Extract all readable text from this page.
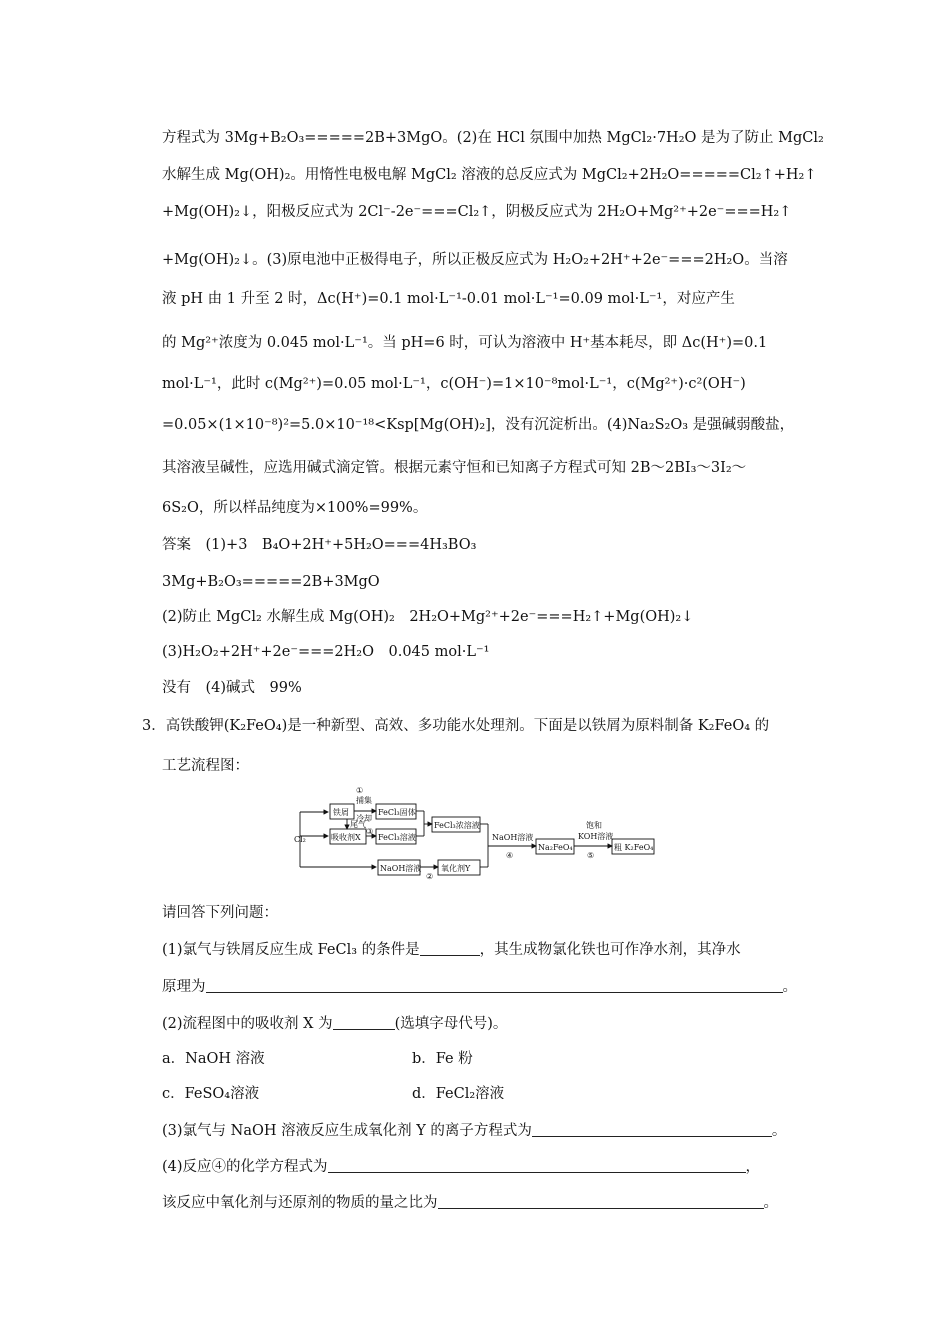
方程式为 3Mg+B₂O₃=====2B+3MgO。(2)在 HCl 氛围中加热 MgCl₂·7H₂O 是为了防止 MgCl₂
水解生成 Mg(OH)₂。用惰性电极电解 MgCl₂ 溶液的总反应式为 MgCl₂+2H₂O=====Cl₂↑+H₂↑
+Mg(OH)₂↓，阳极反应式为 2Cl⁻-2e⁻===Cl₂↑，阴极反应式为 2H₂O+Mg²⁺+2e⁻===H₂↑
+Mg(OH)₂↓。(3)原电池中正极得电子，所以正极反应式为 H₂O₂+2H⁺+2e⁻===2H₂O。当溶
液 pH 由 1 升至 2 时，Δc(H⁺)=0.1 mol·L⁻¹-0.01 mol·L⁻¹=0.09 mol·L⁻¹，对应产生
的 Mg²⁺浓度为 0.045 mol·L⁻¹。当 pH=6 时，可认为溶液中 H⁺基本耗尽，即 Δc(H⁺)=0.1
mol·L⁻¹，此时 c(Mg²⁺)=0.05 mol·L⁻¹，c(OH⁻)=1×10⁻⁸mol·L⁻¹，c(Mg²⁺)·c²(OH⁻)
=0.05×(1×10⁻⁸)²=5.0×10⁻¹⁸<Ksp[Mg(OH)₂]，没有沉淀析出。(4)Na₂S₂O₃ 是强碱弱酸盐，
其溶液呈碱性，应选用碱式滴定管。根据元素守恒和已知离子方程式可知 2B～2BI₃～3I₂～
6S₂O，所以样品纯度为×100%=99%。
答案　(1)+3　B₄O+2H⁺+5H₂O===4H₃BO₃
3Mg+B₂O₃=====2B+3MgO
(2)防止 MgCl₂ 水解生成 Mg(OH)₂　2H₂O+Mg²⁺+2e⁻===H₂↑+Mg(OH)₂↓
(3)H₂O₂+2H⁺+2e⁻===2H₂O　0.045 mol·L⁻¹
没有　(4)碱式　99%
3．高铁酸钾(K₂FeO₄)是一种新型、高效、多功能水处理剂。下面是以铁屑为原料制备 K₂FeO₄ 的
工艺流程图：
Cl₂
铁屑
①
捕集
FeCl₃固体
冷却
尾气
③
吸收剂X FeCl₃溶液
FeCl₃浓溶液
NaOH溶液
④
Na₂FeO₄
饱和
KOH溶液
⑤
粗 K₂FeO₄
NaOH溶液
②
氧化剂Y
请回答下列问题：
(1)氯气与铁屑反应生成 FeCl₃ 的条件是	，其生成物氯化铁也可作净水剂，其净水
原理为	。
(2)流程图中的吸收剂 X 为	(选填字母代号)。
a．NaOH 溶液	b．Fe 粉
c．FeSO₄溶液	d．FeCl₂溶液
(3)氯气与 NaOH 溶液反应生成氧化剂 Y 的离子方程式为	。
(4)反应④的化学方程式为	，
该反应中氧化剂与还原剂的物质的量之比为	。
